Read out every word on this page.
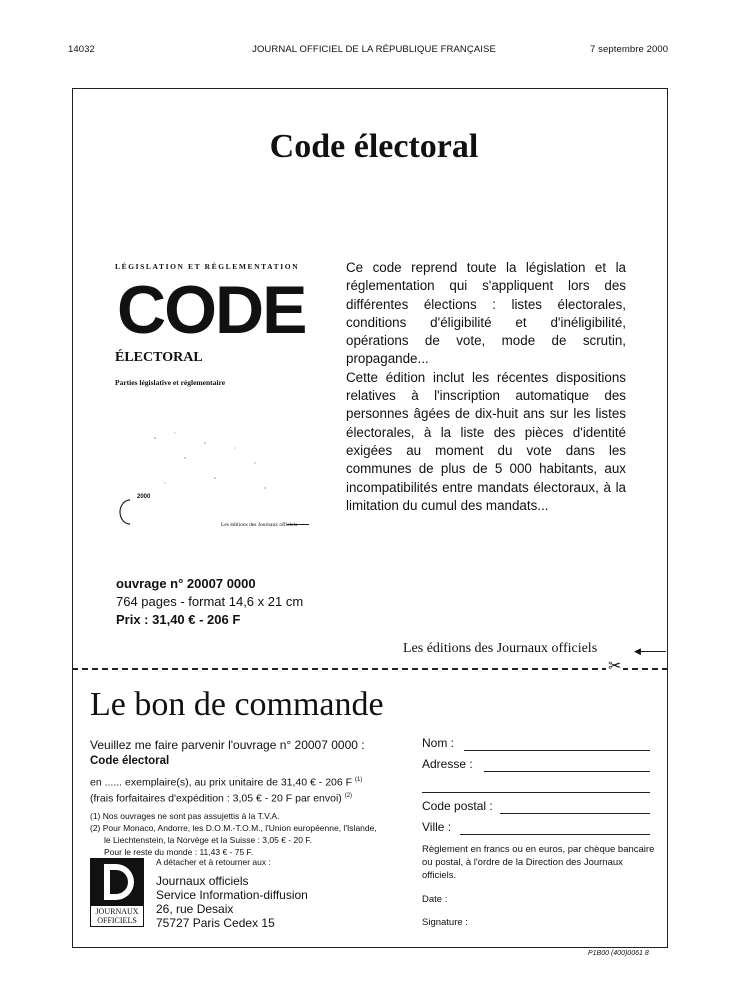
14032	JOURNAL OFFICIEL DE LA RÉPUBLIQUE FRANÇAISE	7 septembre 2000
Code électoral
LÉGISLATION ET RÉGLEMENTATION
CODE
ÉLECTORAL
Parties législative et réglementaire
2000
Les éditions des Journaux officiels

Ce code reprend toute la législation et la réglementation qui s'appliquent lors des différentes élections : listes électorales, conditions d'éligibilité et d'inéligibilité, opérations de vote, mode de scrutin, propagande...

Cette édition inclut les récentes dispositions relatives à l'inscription automatique des personnes âgées de dix-huit ans sur les listes électorales, à la liste des pièces d'identité exigées au moment du vote dans les communes de plus de 5 000 habitants, aux incompatibilités entre mandats électoraux, à la limitation du cumul des mandats...

ouvrage n° 20007 0000
764 pages - format 14,6 x 21 cm
Prix : 31,40 € - 206 F
Les éditions des Journaux officiels	◀
✂
Le bon de commande
Veuillez me faire parvenir l'ouvrage n° 20007 0000 :
Code électoral
en ...... exemplaire(s), au prix unitaire de 31,40 € - 206 F $^{(1)}$
(frais forfaitaires d'expédition : 3,05 € - 20 F par envoi) $^{(2)}$
(1) Nos ouvrages ne sont pas assujettis à la T.V.A.
(2) Pour Monaco, Andorre, les D.O.M.-T.O.M., l'Union européenne, l'Islande,
le Liechtenstein, la Norvège et la Suisse : 3,05 € - 20 F.
Pour le reste du monde : 11,43 € - 75 F.
A détacher et à retourner aux :
JOURNAUX
OFFICIELS
Journaux officiels
Service Information-diffusion
26, rue Desaix
75727 Paris Cedex 15
Nom :
Adresse :
Code postal :
Ville :
Règlement en francs ou en euros, par chèque bancaire ou postal, à l'ordre de la Direction des Journaux officiels.
Date :
Signature :
P1B00 (400)0061 8
